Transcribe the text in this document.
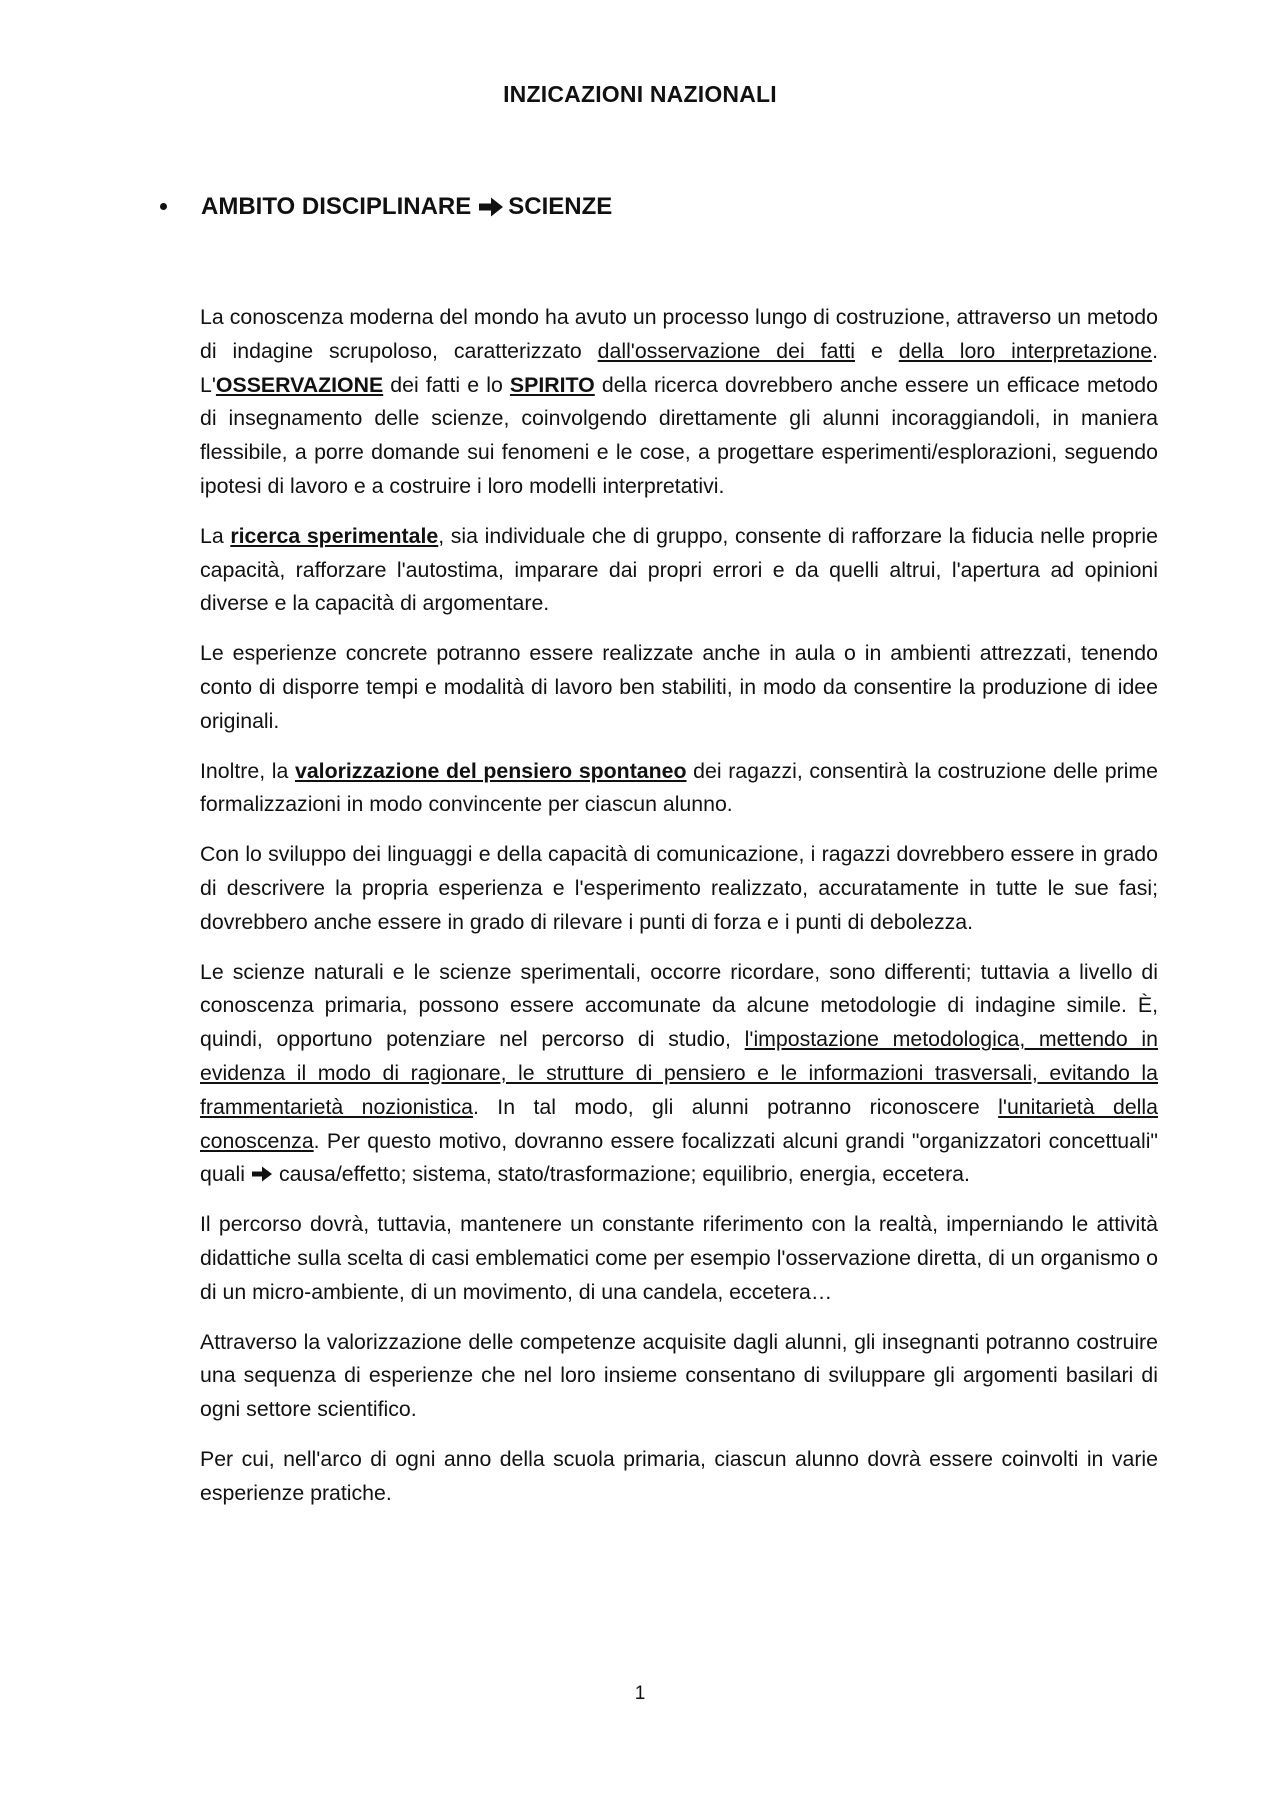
INZICAZIONI NAZIONALI
AMBITO DISCIPLINARE SCIENZE

La conoscenza moderna del mondo ha avuto un processo lungo di costruzione, attraverso un metodo di indagine scrupoloso, caratterizzato dall'osservazione dei fatti e della loro interpretazione. L'OSSERVAZIONE dei fatti e lo SPIRITO della ricerca dovrebbero anche essere un efficace metodo di insegnamento delle scienze, coinvolgendo direttamente gli alunni incoraggiandoli, in maniera flessibile, a porre domande sui fenomeni e le cose, a progettare esperimenti/esplorazioni, seguendo ipotesi di lavoro e a costruire i loro modelli interpretativi.

La ricerca sperimentale, sia individuale che di gruppo, consente di rafforzare la fiducia nelle proprie capacità, rafforzare l'autostima, imparare dai propri errori e da quelli altrui, l'apertura ad opinioni diverse e la capacità di argomentare.

Le esperienze concrete potranno essere realizzate anche in aula o in ambienti attrezzati, tenendo conto di disporre tempi e modalità di lavoro ben stabiliti, in modo da consentire la produzione di idee originali.

Inoltre, la valorizzazione del pensiero spontaneo dei ragazzi, consentirà la costruzione delle prime formalizzazioni in modo convincente per ciascun alunno.

Con lo sviluppo dei linguaggi e della capacità di comunicazione, i ragazzi dovrebbero essere in grado di descrivere la propria esperienza e l'esperimento realizzato, accuratamente in tutte le sue fasi; dovrebbero anche essere in grado di rilevare i punti di forza e i punti di debolezza.

Le scienze naturali e le scienze sperimentali, occorre ricordare, sono differenti; tuttavia a livello di conoscenza primaria, possono essere accomunate da alcune metodologie di indagine simile. È, quindi, opportuno potenziare nel percorso di studio, l'impostazione metodologica, mettendo in evidenza il modo di ragionare, le strutture di pensiero e le informazioni trasversali, evitando la frammentarietà nozionistica. In tal modo, gli alunni potranno riconoscere l'unitarietà della conoscenza. Per questo motivo, dovranno essere focalizzati alcuni grandi "organizzatori concettuali" quali causa/effetto; sistema, stato/trasformazione; equilibrio, energia, eccetera.

Il percorso dovrà, tuttavia, mantenere un constante riferimento con la realtà, imperniando le attività didattiche sulla scelta di casi emblematici come per esempio l'osservazione diretta, di un organismo o di un micro-ambiente, di un movimento, di una candela, eccetera…

Attraverso la valorizzazione delle competenze acquisite dagli alunni, gli insegnanti potranno costruire una sequenza di esperienze che nel loro insieme consentano di sviluppare gli argomenti basilari di ogni settore scientifico.

Per cui, nell'arco di ogni anno della scuola primaria, ciascun alunno dovrà essere coinvolti in varie esperienze pratiche.

1
